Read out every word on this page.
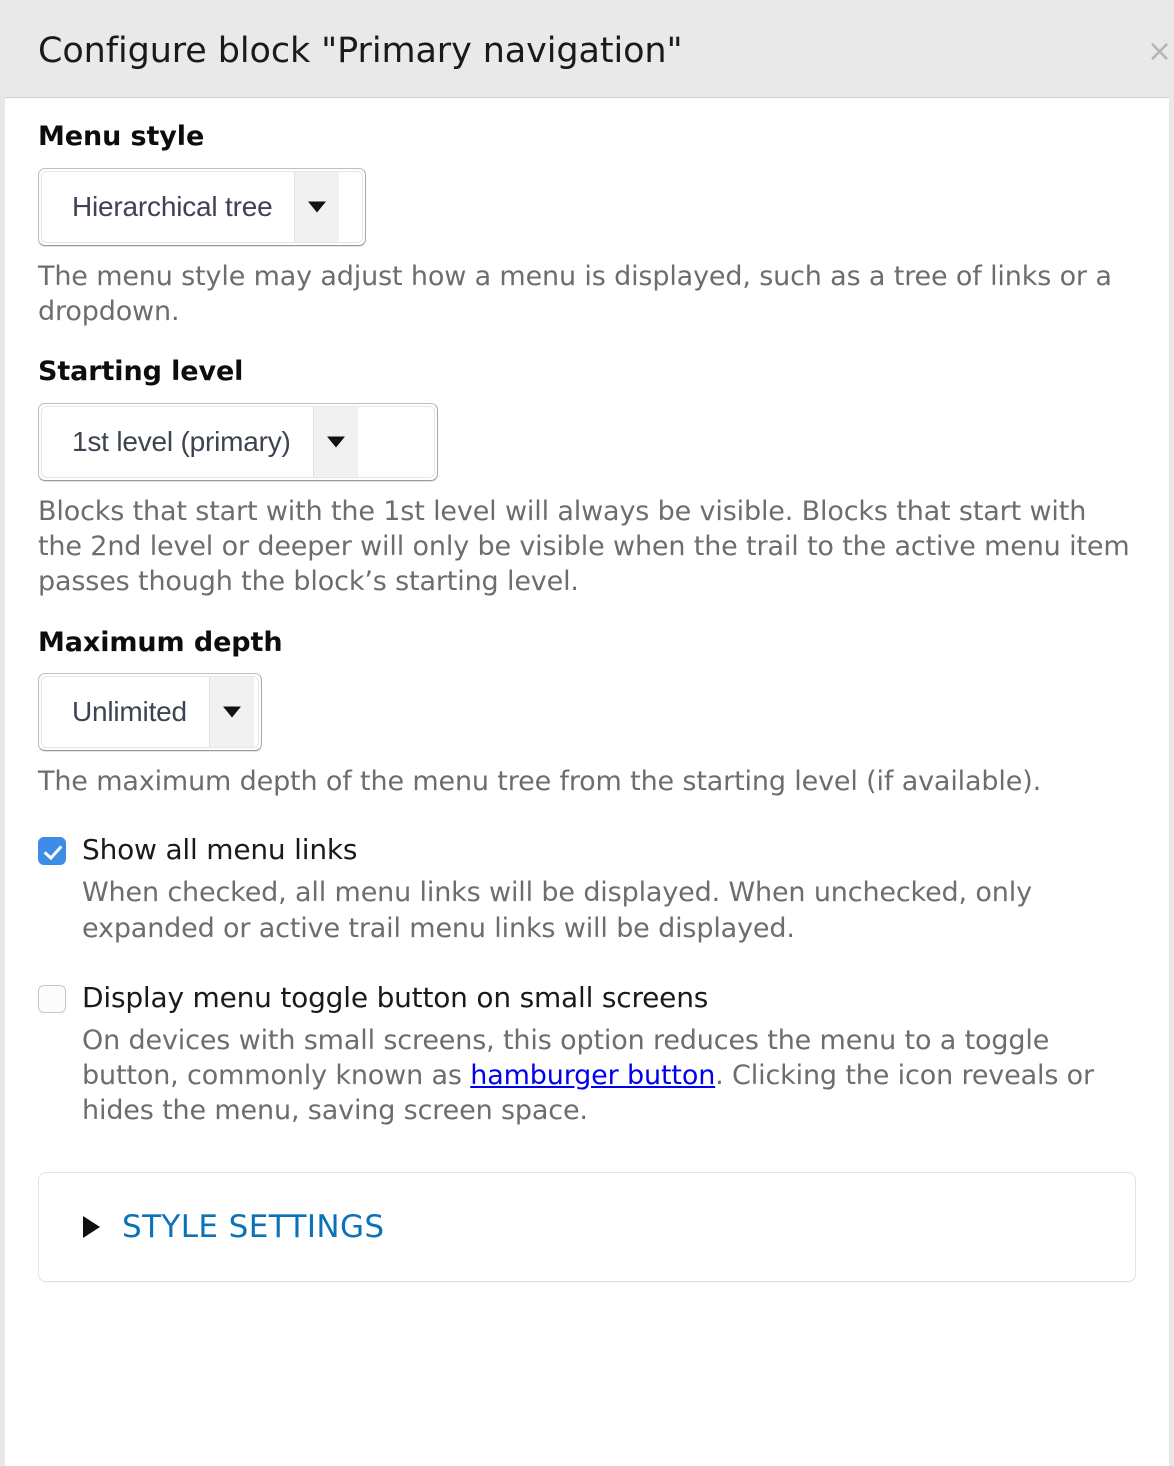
Configure block "Primary navigation"	×
Menu style
Hierarchical tree

The menu style may adjust how a menu is displayed, such as a tree of links or a dropdown.

Starting level
1st level (primary)

Blocks that start with the 1st level will always be visible. Blocks that start with the 2nd level or deeper will only be visible when the trail to the active menu item passes though the block’s starting level.

Maximum depth
Unlimited

The maximum depth of the menu tree from the starting level (if available).

Show all menu links

When checked, all menu links will be displayed. When unchecked, only expanded or active trail menu links will be displayed.

Display menu toggle button on small screens

On devices with small screens, this option reduces the menu to a toggle button, commonly known as hamburger button. Clicking the icon reveals or hides the menu, saving screen space.

STYLE SETTINGS
